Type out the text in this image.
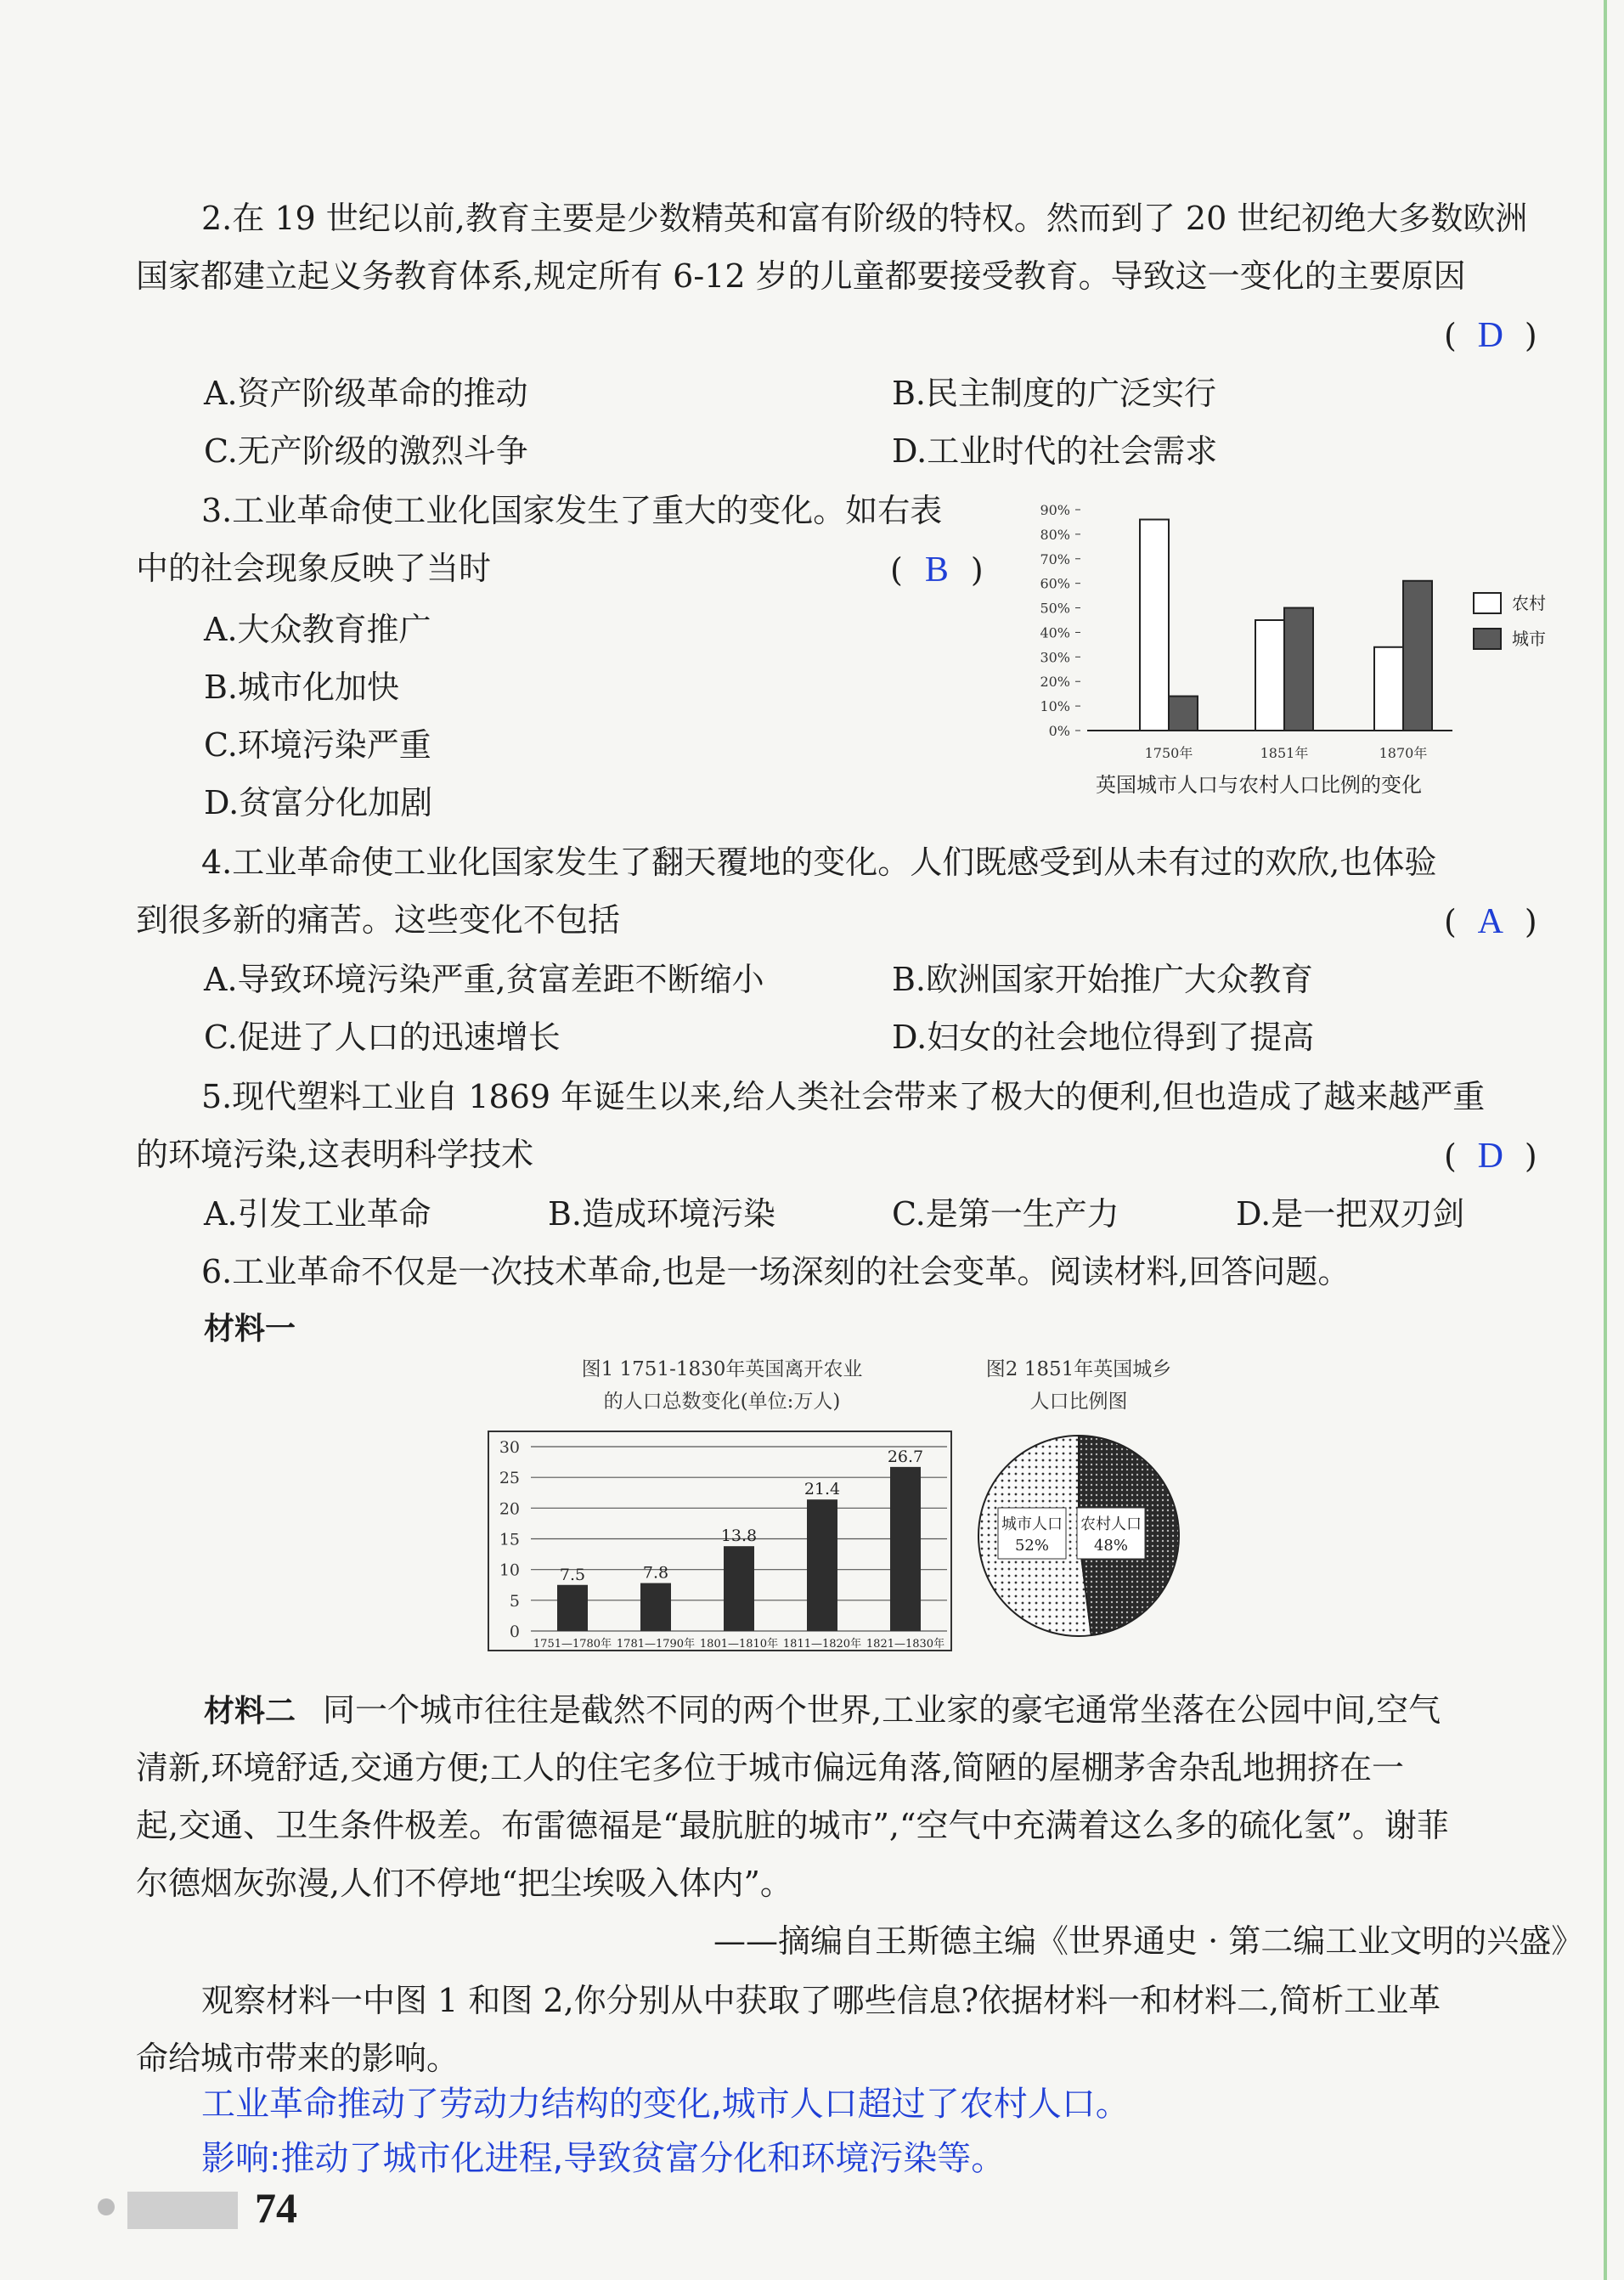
2.在 19 世纪以前,教育主要是少数精英和富有阶级的特权。然而到了 20 世纪初绝大多数欧洲
国家都建立起义务教育体系,规定所有 6-12 岁的儿童都要接受教育。导致这一变化的主要原因
( D )
A.资产阶级革命的推动	B.民主制度的广泛实行
C.无产阶级的激烈斗争	D.工业时代的社会需求
3.工业革命使工业化国家发生了重大的变化。如右表
中的社会现象反映了当时	( B )
A.大众教育推广
B.城市化加快
C.环境污染严重
D.贫富分化加剧
0%
10%
20%
30%
40%
50%
60%
70%
80%
90%
1750年	1851年	1870年
农村
城市
英国城市人口与农村人口比例的变化
4.工业革命使工业化国家发生了翻天覆地的变化。人们既感受到从未有过的欢欣,也体验
到很多新的痛苦。这些变化不包括	( A )
A.导致环境污染严重,贫富差距不断缩小	B.欧洲国家开始推广大众教育
C.促进了人口的迅速增长	D.妇女的社会地位得到了提高
5.现代塑料工业自 1869 年诞生以来,给人类社会带来了极大的便利,但也造成了越来越严重
的环境污染,这表明科学技术	( D )
A.引发工业革命	B.造成环境污染	C.是第一生产力	D.是一把双刃剑
6.工业革命不仅是一次技术革命,也是一场深刻的社会变革。阅读材料,回答问题。
材料一
图1 1751-1830年英国离开农业
的人口总数变化(单位:万人)
0
5
10
15
20
25
30
7.5	7.8
13.8
21.4
26.7
1751—1780年 1781—1790年 1801—1810年 1811—1820年 1821—1830年
图2 1851年英国城乡
人口比例图
城市人口
52%
农村人口
48%
材料二 同一个城市往往是截然不同的两个世界,工业家的豪宅通常坐落在公园中间,空气
清新,环境舒适,交通方便;工人的住宅多位于城市偏远角落,简陋的屋棚茅舍杂乱地拥挤在一
起,交通、卫生条件极差。布雷德福是“最肮脏的城市”,“空气中充满着这么多的硫化氢”。谢菲
尔德烟灰弥漫,人们不停地“把尘埃吸入体内”。
——摘编自王斯德主编《世界通史 · 第二编工业文明的兴盛》
观察材料一中图 1 和图 2,你分别从中获取了哪些信息?依据材料一和材料二,简析工业革
命给城市带来的影响。
工业革命推动了劳动力结构的变化,城市人口超过了农村人口。
影响:推动了城市化进程,导致贫富分化和环境污染等。
74
